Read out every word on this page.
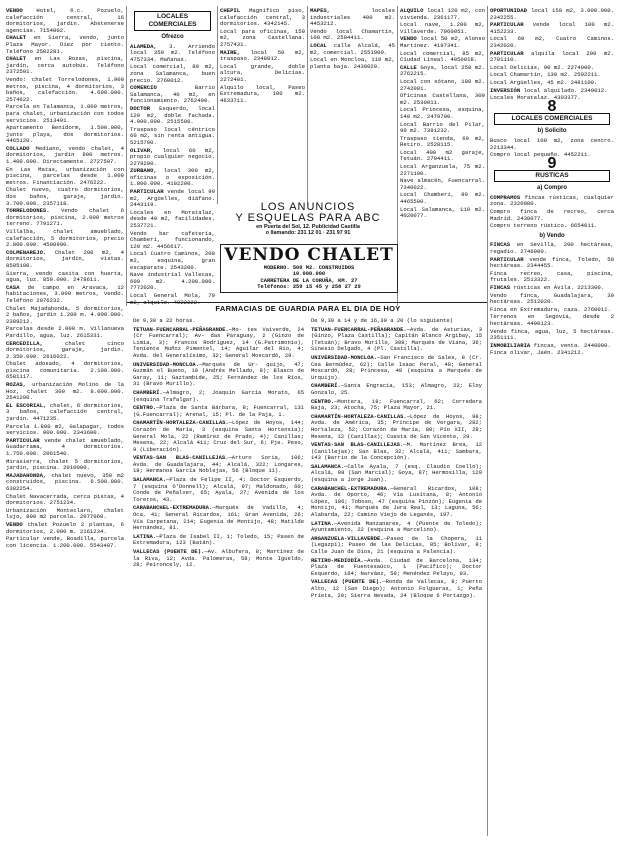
VENDO Hotel, 6.c. Pozuelo, calefacción central, 16 dormitorios, jardín. Abstenerse agencias. 7154002.

CHALET en Sierra, vendo, junto Plaza Mayor. Diez por ciento. Teléfono 2502281.

CHALET en Las Rozas, piscina, jardín, cerca autobús. Teléfono 2372501.

Vendo: chalet Torrelodones, 1.900 metros, piscina, 4 dormitorios, 3 baños, calefacción. 4.600.000. 2574622.

Parcela en Talamanca, 1.000 metros, para chalet, urbanización con todos servicios. 2513491.

Apartamento Benidorm, 1.500.000, junto playa, dos dormitorios. 4465120.

COLLADO Mediano, vendo chalet, 4 dormitorios, jardín 800 metros. 1.400.000. Directamente. 2727507.

En Las Matas, urbanización con piscina, parcelas desde 1.000 metros. Financiación. 2476222.

Chalet nuevo, cuatro dormitorios, dos baños, garaje, jardín. 3.700.000. 2357118.

TORRELODONES. Vendo chalet 6 dormitorios, piscina, 2.000 metros terreno. 7791271.

Villalba, chalet amueblado, calefacción, 5 dormitorios, precio 2.800.000. 4500990.

COLMENAREJO. Chalet 200 m2, 4 dormitorios, jardín, vistas. 8505100.

Sierra, vendo casita con huerta, agua, luz. 850.000. 2478611.

CASA de campo en Aravaca, 12 habitaciones, 3.000 metros, vendo. Teléfono 2076232.

Chalet Majadahonda, 5 dormitorios, 2 baños, jardín 1.200 m. 4.900.000. 2389212.

Parcelas desde 2.000 m. Villanueva Pardillo, agua, luz. 2615331.

CERCEDILLA,	chalet cinco dormitorios, garaje, jardín. 2.350.000. 2616022.

Chalet adosado, 4 dormitorios, piscina comunitaria. 2.100.000. 6581117.

ROZAS, urbanización Molino de la Hoz, chalet 300 m2. 8.000.000. 2541200.

EL ESCORIAL, chalet, 6 dormitorios, 3 baños, calefacción central, jardín. 4471235.

Parcela 1.800 m2, Galapagar, todos servicios. 900.000. 2343600.

PARTICULAR vende chalet amueblado, Guadarrama, 4 dormitorios. 1.750.000. 2061540.

Mirasierra, chalet 5 dormitorios, jardín, piscina. 2010000.

MAJADAHONDA, chalet nuevo, 350 m2 construidos, piscina. 6.500.000. 6382254.

Chalet Navacerrada, cerca pistas, 4 dormitorios. 2751234.

Urbanización Monteclaro, chalet lujo, 800 m2 parcela. 2077060.

VENDO chalet Pozuelo 2 plantas, 6 dormitorios, 2.000 m. 2161234.

Particular vende, Boadilla, parcela con licencia. 1.200.000. 5543487.

LOCALES COMERCIALES
Ofrezco

ALAMEDA, 3. Arriendo local 350 m2. Teléfono 4757334. Mañanas.

Local comercial, 80 m2, zona Salamanca, buen precio. 2760012.

COMERCIO	Barrio Salamanca, 40 m2, en funcionamiento. 2762400.

DOCTOR Esquerdo, local 120 m2, doble fachada. 4.000.000. 2515500.

Traspaso local céntrico 60 m2, sin renta antigua. 5215700.

OLIVAR, local 60 m2, propio cualquier negocio. 2279200.

ZURBANO, local 300 m2, oficinas o exposición. 1.800.000. 4192200.

PARTICULAR vende local 90 m2, Argüelles, diáfano. 2443119.

Locales en Moratalaz, desde 40 m2, facilidades. 2537721.

Vendo bar cafetería, Chamberí, funcionando, 120 m2. 4456617.

Local Cuatro Caminos, 200 m2, esquina, gran escaparate. 2543200.

Nave industrial Vallecas, 600 m2. 4.200.000. 7772020.

Local General Mola, 70 m2, alquilo. 4022222.

CHEPIL Magnífico piso, calefacción central, 3 dormitorios. 4342145.

Local para oficinas, 150 m2, zona Castellana. 2757431.

MAIRE, local 50 m2, traspaso. 2348812.

Local grande, doble altura, Delicias. 2272401.

Alquilo local, Paseo Extremadura, 100 m2. 4633711.

MAPES,	locales industriales 400 m2. 4453212.

Vendo local Chamartín, 100 m2. 2594411.

LOCAL calle Alcalá, 45 m2, comercial. 2551900.

Local en Moncloa, 110 m2, planta baja. 2430020.

ALQUILO local 120 m2, con vivienda. 2361177.

Local nave, 1.200 m2, Villaverde. 7960051.

VENDO local 50 m2, Alonso Martínez. 4197341.

Local comercial, 85 m2, Ciudad Lineal. 4050018.

CALLE Goya, local 250 m2. 2762215.

Local con sótano, 180 m2. 2742091.

Oficinas Castellana, 300 m2. 2530011.

Local Princesa, esquina, 140 m2. 2479700.

Local Barrio del Pilar, 90 m2. 7391232.

Traspaso tienda, 60 m2, Retiro. 2520115.

Local 400 m2 garaje, Tetuán. 2794411.

Local Arganzuela, 75 m2. 2271100.

Nave almacén, Fuencarral. 7340022.

Local Chamberí, 80 m2. 4465500.

Local Salamanca, 110 m2. 4020077.

OPORTUNIDAD local 150 m2, 3.000.000. 2342255.

PARTICULAR vende local 100 m2. 4152233.

Local 60 m2, Cuatro Caminos. 2342020.

PARTICULAR alquila local 200 m2. 2791110.

Local Delicias, 90 m2. 2274000.

Local Chamartín, 130 m2. 2592211.

Local Argüelles, 45 m2. 2481100.

INVERSIÓN local alquilado. 2340012.

Locales Moratalaz. 4303377.

8
LOCALES COMERCIALES
b) Solicito

Busco local 100 m2, zona centro. 2213344.

Compro local pequeño. 4452211.

9
RUSTICAS
a) Compro

COMPRAMOS fincas rústicas, cualquier zona. 2320080.

Compro finca de recreo, cerca Madrid. 2430077.

Compro terreno rústico. 6654011.

b) Vendo

FINCAS en Sevilla, 200 hectáreas, regadío. 2746000.

PARTICULAR vende finca, Toledo, 50 hectáreas. 2344455.

Finca recreo, casa, piscina, frutales. 2513322.

FINCAS rústicas en Ávila. 2213300.

Vendo finca, Guadalajara, 30 hectáreas. 2512020.

Finca en Extremadura, caza. 2760011.

Terrenos en Segovia, desde 2 hectáreas. 4400123.

Vendo finca, agua, luz, 5 hectáreas. 2351111.

INMOBILIARIA fincas, venta. 2440000.

Finca olivar, Jaén. 2341212.

LOS ANUNCIOS
Y ESQUELAS PARA ABC
en Puerta del Sol, 12. Publicidad Castilla
o llamando: 231 12 01 · 231 97 91
VENDO CHALET
MODERNO. 500 M2. CONSTRUIDOS
10.000.000
CARRETERA DE LA CORUÑA, KM. 27
Teléfonos: 259 15 45 y 258 27 29
FARMACIAS DE GUARDIA PARA EL DIA DE HOY

De 9,30 a 22 horas.

TETUAN-FUENCARRAL-PEÑAGRANDE.—Mo- tes Vaiverde, 24 (Cr Fuencarral); Av- das Paraguay, 2 (Ginzo de Limia, 3); Francos Rodríguez, 14 (G.Patrimonio), Teniente Muñoz Pimentel, 14; Aguilar del Río, 4; Avda. del Generalísimo, 32; General Moscardó, 29.

UNIVERSIDAD-MONCLOA.—Marqués de Ur- quijo, 47; Guzmán el Bueno, 10 (Andrés Mellado, 8); Blasco de Garay, 11; Gaztambide, 25; Fernández de los Ríos, 31 (Bravo Murillo).

CHAMBERÍ.—Almagro, 2; Joaquín García Morato, 65 (esquina Trafalgar).

CENTRO.—Plaza de Santa Bárbara, 8; Fuencarral, 131 (G.Fuencarral); Arenal, 15; Pl. de la Paja, 1.

CHAMARTÍN-HORTALEZA-CANILLAS.—López de Hoyos, 144; Corazón de María, 3 (esquina Santa Hortensia); General Mola, 22 (Ramírez de Prado, 4); Canillas; Mesena, 22; Alcalá 411; Cruz del Sur, 6; Pje. Peso, 9 (Liberación).

VENTAS-SAN BLAS-CANILLEJAS.—Arturo Soria, 106; Avda. de Guadalajara, 44; Alcalá, 322; Longares, 18; Hermanos García Noblejas, 56 (Bloque 11).

SALAMANCA.—Plaza de Felipe II, 4; Doctor Esquerdo, 7 (esquina O'Donnell); Alcalá, 97; Maldonado, 60; Conde de Peñalver, 65; Ayala, 27; Avenida de los Toreros, 43.

CARABANCHEL-EXTREMADURA.—Marqués de Vadillo, 4; Oca, 41; General Ricardos, 161; Gran Avenida, 26; Vía Carpetana, 214; Eugenia de Montijo, 48; Matilde Hernández, 81.

LATINA.—Plaza de Isabel II, 1; Toledo, 15; Paseo de Extremadura, 123 (Batán).

VALLECAS (PUENTE DE).—Av. Albufera, 8; Martínez de la Riva, 12; Avda. Palomeras, 58; Monte Igueldo, 28; Peironcely, 12.

De 9,30 a 14 y de 16,30 a 20 (lo siguiente)

TETUAN-FUENCARRAL-PEÑAGRANDE.—Avda. de Asturias, 3 (Ginzo, Plaza Castilla); Capitán Blanco Argibay, 15 (Tetuán); Bravo Murillo, 308; Marqués de Viana, 36; Sinesio Delgado, 4 (Pl. Castilla).

UNIVERSIDAD-MONCLOA.—San Francisco de Sales, 8 (Cr. Cea Bermúdez, 62); Calle Isaac Peral, 40; General Moscardó, 28; Princesa, 48 (esquina a Marqués de Urquijo).

CHAMBERÍ.—Santa Engracia, 153; Almagro, 22; Eloy Gonzalo, 25.

CENTRO.—Montera, 18; Fuencarral, 62; Corredera Baja, 23; Atocha, 75; Plaza Mayor, 21.

CHAMARTÍN-HORTALEZA-CANILLAS.—López de Hoyos, 98; Avda. de América, 35; Príncipe de Vergara, 282; Hortaleza, 52; Corazón de María, 80; Pío XII, 28; Mesena, 12 (Canillas); Cuesta de San Vicente, 29.

VENTAS-SAN BLAS-CANILLEJAS.—M. Martínez Brea, 12 (Canillejas); San Blas, 32; Alcalá, 411; Sambara, 143 (Barrio de la Concepción).

SALAMANCA.—Calle Ayala, 7 (esq. Claudio Coello); Alcalá, 98 (San Marcial); Goya, 87; Hermosilla, 129 (esquina a Jorge Juan).

CARABANCHEL-EXTREMADURA.—General Ricardos, 108; Avda. de Oporto, 46; Vía Lusitana, 8; Antonio López, 186; Toboso, 47 (esquina Pinzón); Eugenia de Montijo, 41; Marqués de Jura Real, 13; Laguna, 56; Alabarda, 22; Camino Viejo de Leganés, 197.

LATINA.—Avenida Manzanares, 4 (Puente de Toledo); Ayuntamiento, 22 (esquina a Marcelino).

ARGANZUELA-VILLAVERDE.—Paseo de la Chopera, 11 (Legazpi); Paseo de las Delicias, 85; Bolívar, 8; Calle Juan de Dios, 21 (esquina a Palencia).

RETIRO-MEDIODÍA.—Avda. Ciudad de Barcelona, 134; Plaza de Fuentesaúco, 1 (Pacífico); Doctor Esquerdo, 164; Narváez, 59; Menéndez Pelayo, 93.

VALLECAS (PUENTE DE).—Ronda de Vallecas, 8; Puerto Alto, 12 (San Diego); Antonio Folgueras, 1; Peña Prieta, 20; Sierra Nevada, 24 (Bloque 6 Portazgo).
